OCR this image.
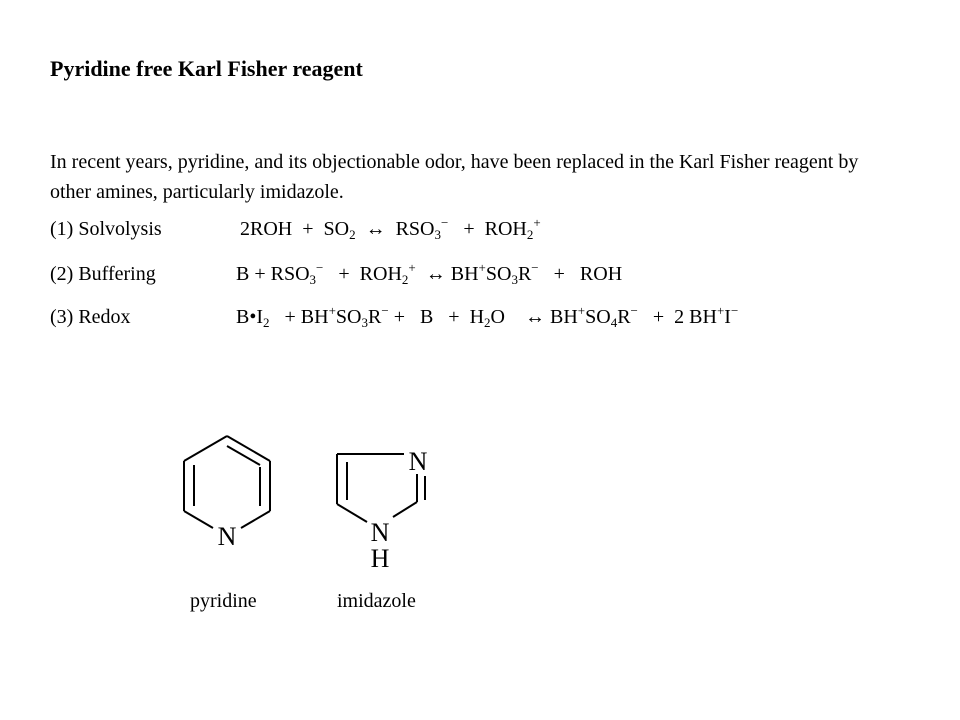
Pyridine free Karl Fisher reagent

In recent years, pyridine, and its objectionable odor, have been replaced in the Karl Fisher reagent by other amines, particularly imidazole.

(1) Solvolysis	$2ROH + SO_2$  ↔  $RSO_3^- + ROH_2^+$
(2) Buffering	$B + RSO_3^- + ROH_2^+$  ↔ $BH^+SO_3R^-$   +   ROH
(3) Redox	$B•I_2 + BH^+SO_3R^- + B + H_2O$    ↔ $BH^+SO_4R^- + 2$ BH+I−
N
pyridine
N
N
H
imidazole
